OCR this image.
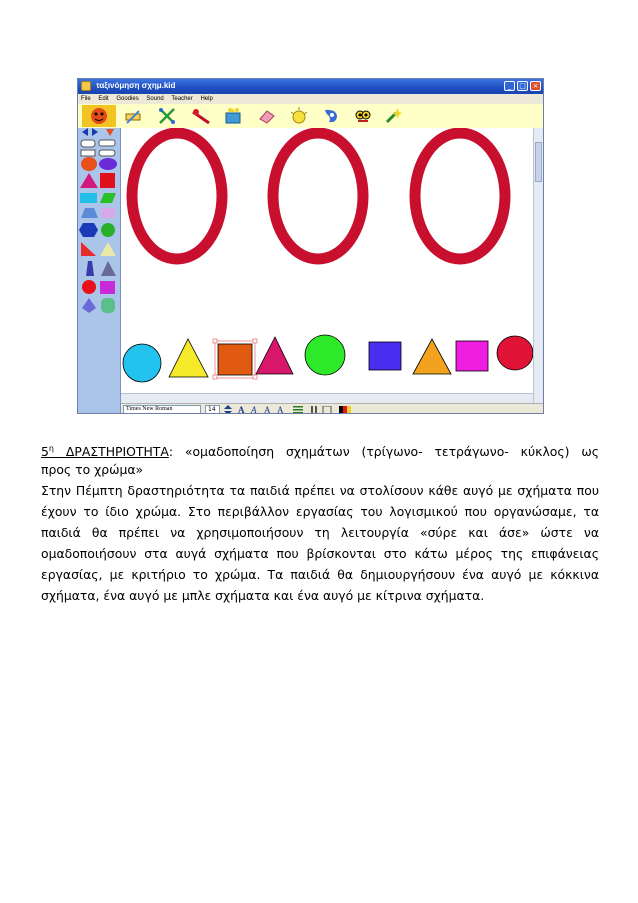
ταξινόμηση σχημ.kid	_	□ ×
File Edit Goodies Sound Teacher Help
Times New Roman	14	A A A A
$5^\eta$ ΔΡΑΣΤΗΡΙΟΤΗΤΑ: «ομαδοποίηση σχημάτων (τρίγωνο- τετράγωνο- κύκλος) ως
προς το χρώμα»
Στην Πέμπτη δραστηριότητα τα παιδιά πρέπει να στολίσουν κάθε αυγό με σχήματα που
έχουν το ίδιο χρώμα. Στο περιβάλλον εργασίας του λογισμικού που οργανώσαμε, τα
παιδιά θα πρέπει να χρησιμοποιήσουν τη λειτουργία «σύρε και άσε» ώστε να
ομαδοποιήσουν στα αυγά σχήματα που βρίσκονται στο κάτω μέρος της επιφάνειας
εργασίας, με κριτήριο το χρώμα. Τα παιδιά θα δημιουργήσουν ένα αυγό με κόκκινα
σχήματα, ένα αυγό με μπλε σχήματα και ένα αυγό με κίτρινα σχήματα.
